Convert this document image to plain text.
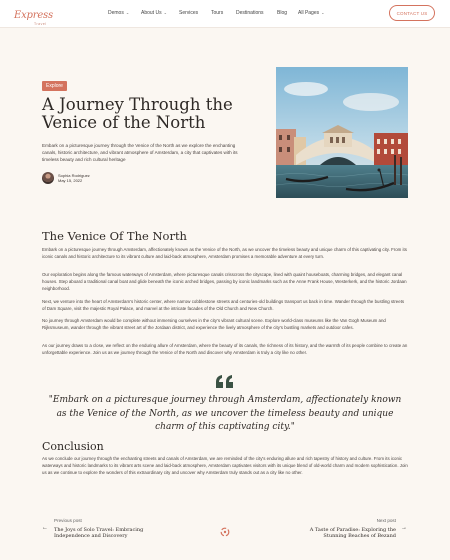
Express
Travel
Demos ⌄ About Us ⌄ Services	Tours	Destinations	Blog All Pages ⌄	CONTACT US
Explore
A Journey Through the Venice of the North

Embark on a picturesque journey through the Venice of the North as we explore the enchanting canals, historic architecture, and vibrant atmosphere of Amsterdam, a city that captivates with its timeless beauty and rich cultural heritage

Sophia Rodriguez
May 15, 2022
The Venice Of The North

Embark on a picturesque journey through Amsterdam, affectionately known as the Venice of the North, as we uncover the timeless beauty and unique charm of this captivating city. From its iconic canals and historic architecture to its vibrant culture and laid-back atmosphere, Amsterdam promises a memorable adventure at every turn.

Our exploration begins along the famous waterways of Amsterdam, where picturesque canals crisscross the cityscape, lined with quaint houseboats, charming bridges, and elegant canal houses. Step aboard a traditional canal boat and glide beneath the iconic arched bridges, passing by iconic landmarks such as the Anne Frank House, Westerkerk, and the historic Jordaan neighborhood.

Next, we venture into the heart of Amsterdam's historic center, where narrow cobblestone streets and centuries-old buildings transport us back in time. Wander through the bustling streets of Dam Square, visit the majestic Royal Palace, and marvel at the intricate facades of the Old Church and New Church.

No journey through Amsterdam would be complete without immersing ourselves in the city's vibrant cultural scene. Explore world-class museums like the Van Gogh Museum and Rijksmuseum, wander through the vibrant street art of the Jordaan district, and experience the lively atmosphere of the city's bustling markets and outdoor cafes.

As our journey draws to a close, we reflect on the enduring allure of Amsterdam, where the beauty of its canals, the richness of its history, and the warmth of its people combine to create an unforgettable experience. Join us as we journey through the Venice of the North and discover why Amsterdam is truly a city like no other.

"Embark on a picturesque journey through Amsterdam, affectionately known as the Venice of the North, as we uncover the timeless beauty and unique charm of this captivating city."
Conclusion

As we conclude our journey through the enchanting streets and canals of Amsterdam, we are reminded of the city's enduring allure and rich tapestry of history and culture. From its iconic waterways and historic landmarks to its vibrant arts scene and laid-back atmosphere, Amsterdam captivates visitors with its unique blend of old-world charm and modern sophistication. Join us as we continue to explore the wonders of this extraordinary city and uncover why Amsterdam truly stands out as a city like no other.

←
Previous post
The Joys of Solo Travel: Embracing Independence and Discovery
Next post
A Taste of Paradise: Exploring the Stunning Beaches of Bezand
→
